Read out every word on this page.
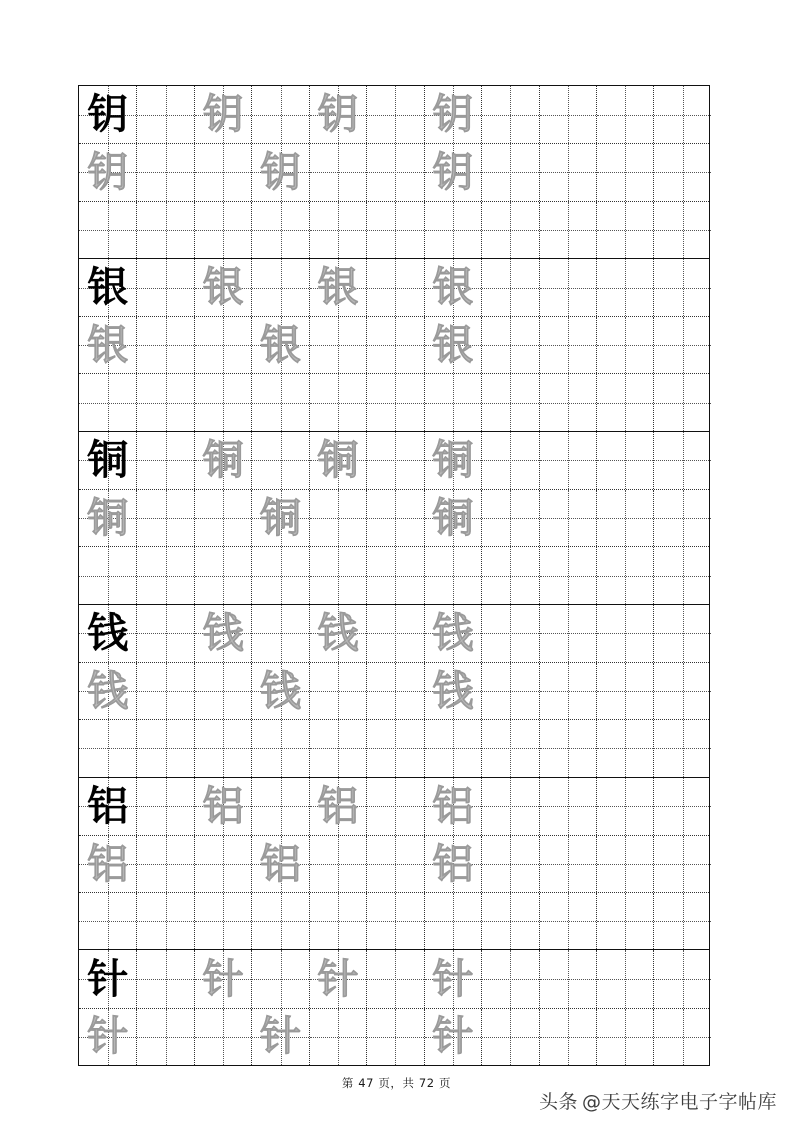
钥 钥 钥 钥
钥	钥	钥
银 银 银 银
银	银	银
铜 铜 铜 铜
铜	铜	铜
钱 钱 钱 钱
钱	钱	钱
铝 铝 铝 铝
铝	铝	铝
针 针 针 针
针	针	针
第 47 页，共 72 页
头条 @天天练字电子字帖库
